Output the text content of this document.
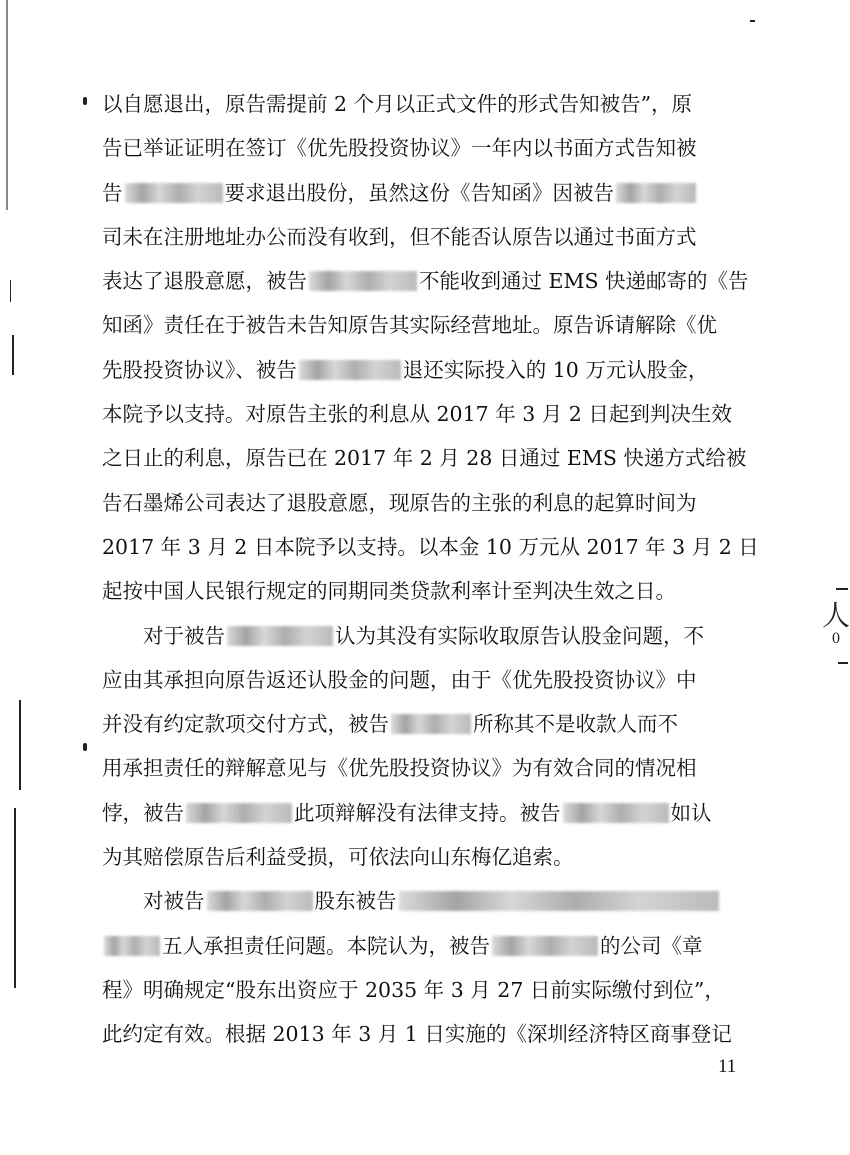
人
0
以自愿退出，原告需提前 2 个月以正式文件的形式告知被告”，原
告已举证证明在签订《优先股投资协议》一年内以书面方式告知被
告	要求退出股份，虽然这份《告知函》因被告
司未在注册地址办公而没有收到，但不能否认原告以通过书面方式
表达了退股意愿，被告	不能收到通过 EMS 快递邮寄的《告
知函》责任在于被告未告知原告其实际经营地址。原告诉请解除《优
先股投资协议》、被告	退还实际投入的 10 万元认股金，
本院予以支持。对原告主张的利息从 2017 年 3 月 2 日起到判决生效
之日止的利息，原告已在 2017 年 2 月 28 日通过 EMS 快递方式给被
告石墨烯公司表达了退股意愿，现原告的主张的利息的起算时间为
2017 年 3 月 2 日本院予以支持。以本金 10 万元从 2017 年 3 月 2 日
起按中国人民银行规定的同期同类贷款利率计至判决生效之日。
对于被告	认为其没有实际收取原告认股金问题，不
应由其承担向原告返还认股金的问题，由于《优先股投资协议》中
并没有约定款项交付方式，被告	所称其不是收款人而不
用承担责任的辩解意见与《优先股投资协议》为有效合同的情况相
悖，被告	此项辩解没有法律支持。被告	如认
为其赔偿原告后利益受损，可依法向山东梅亿追索。
对被告	股东被告
五人承担责任问题。本院认为，被告	的公司《章
程》明确规定“股东出资应于 2035 年 3 月 27 日前实际缴付到位”，
此约定有效。根据 2013 年 3 月 1 日实施的《深圳经济特区商事登记
11
